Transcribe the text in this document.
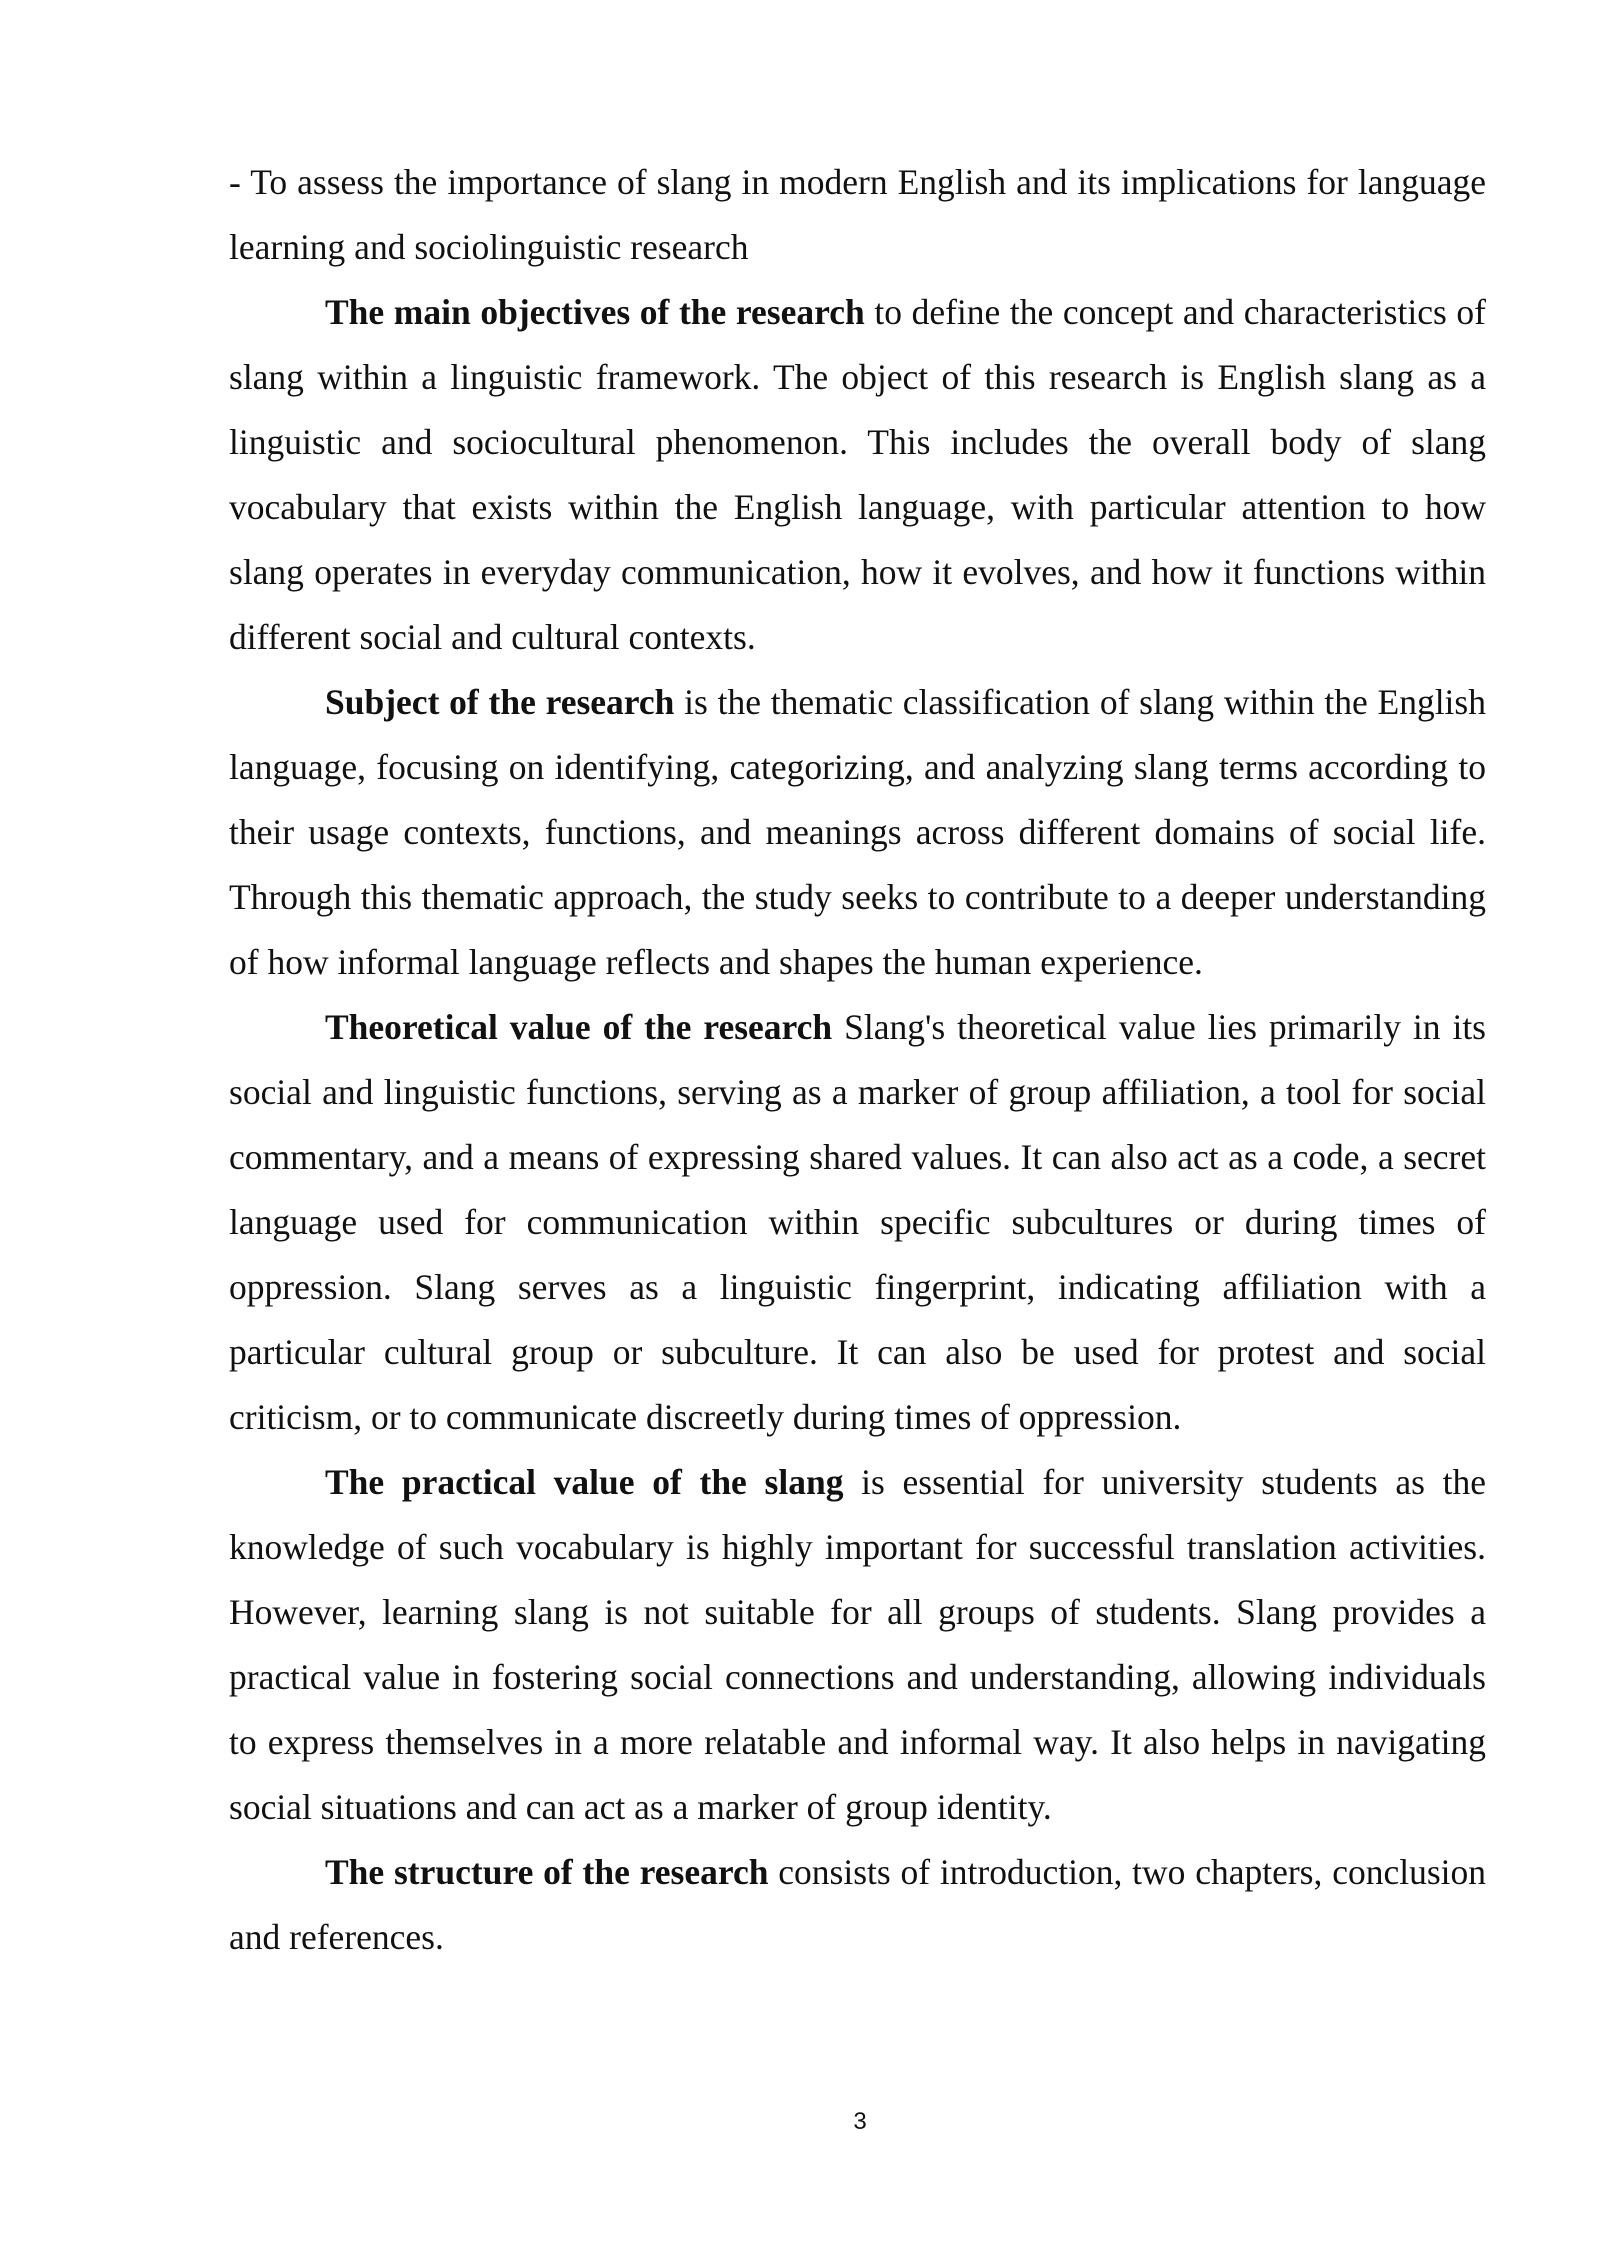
- To assess the importance of slang in modern English and its implications for language learning and sociolinguistic research

The main objectives of the research to define the concept and characteristics of slang within a linguistic framework. The object of this research is English slang as a linguistic and sociocultural phenomenon. This includes the overall body of slang vocabulary that exists within the English language, with particular attention to how slang operates in everyday communication, how it evolves, and how it functions within different social and cultural contexts.

Subject of the research is the thematic classification of slang within the English language, focusing on identifying, categorizing, and analyzing slang terms according to their usage contexts, functions, and meanings across different domains of social life. Through this thematic approach, the study seeks to contribute to a deeper understanding of how informal language reflects and shapes the human experience.

Theoretical value of the research Slang's theoretical value lies primarily in its social and linguistic functions, serving as a marker of group affiliation, a tool for social commentary, and a means of expressing shared values. It can also act as a code, a secret language used for communication within specific subcultures or during times of oppression. Slang serves as a linguistic fingerprint, indicating affiliation with a particular cultural group or subculture. It can also be used for protest and social criticism, or to communicate discreetly during times of oppression.

The practical value of the slang is essential for university students as the knowledge of such vocabulary is highly important for successful translation activities. However, learning slang is not suitable for all groups of students. Slang provides a practical value in fostering social connections and understanding, allowing individuals to express themselves in a more relatable and informal way. It also helps in navigating social situations and can act as a marker of group identity.

The structure of the research consists of introduction, two chapters, conclusion and references.

3
